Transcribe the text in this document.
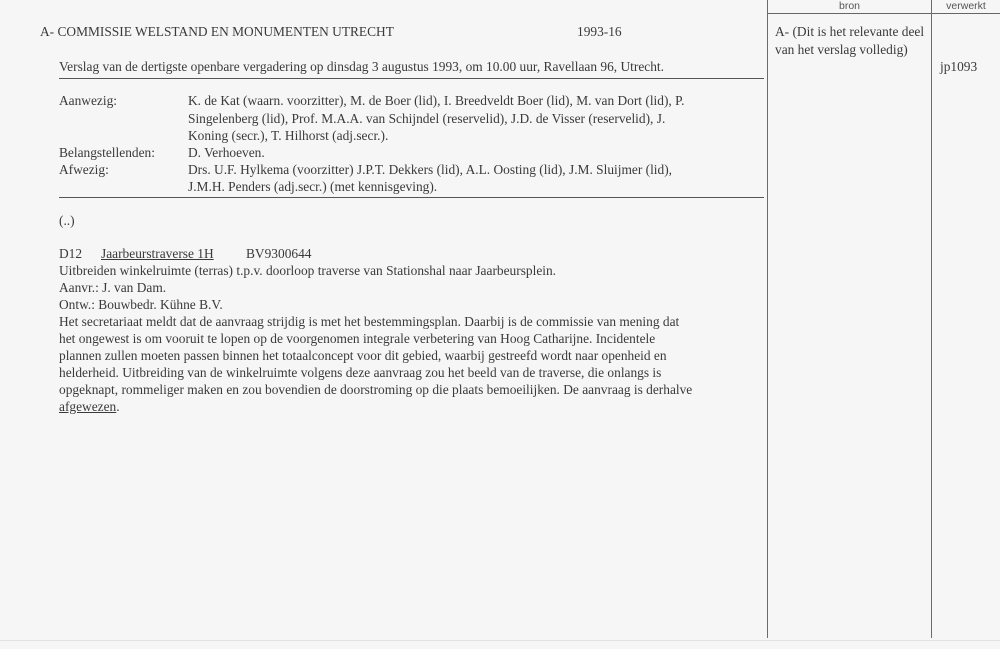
bron	verwerkt
A- (Dit is het relevante deel van het verslag volledig)
jp1093
A- COMMISSIE WELSTAND EN MONUMENTEN UTRECHT	1993-16
Verslag van de dertigste openbare vergadering op dinsdag 3 augustus 1993, om 10.00 uur, Ravellaan 96, Utrecht.
Aanwezig:	K. de Kat (waarn. voorzitter), M. de Boer (lid), I. Breedveldt Boer (lid), M. van Dort (lid), P.
Singelenberg (lid), Prof. M.A.A. van Schijndel (reservelid), J.D. de Visser (reservelid), J.
Koning (secr.), T. Hilhorst (adj.secr.).
Belangstellenden: D. Verhoeven.
Afwezig:	Drs. U.F. Hylkema (voorzitter) J.P.T. Dekkers (lid), A.L. Oosting (lid), J.M. Sluijmer (lid),
J.M.H. Penders (adj.secr.) (met kennisgeving).
(..)
D12 Jaarbeurstraverse 1H BV9300644
Uitbreiden winkelruimte (terras) t.p.v. doorloop traverse van Stationshal naar Jaarbeursplein.
Aanvr.: J. van Dam.
Ontw.: Bouwbedr. Kühne B.V.
Het secretariaat meldt dat de aanvraag strijdig is met het bestemmingsplan. Daarbij is de commissie van mening dat
het ongewest is om vooruit te lopen op de voorgenomen integrale verbetering van Hoog Catharijne. Incidentele
plannen zullen moeten passen binnen het totaalconcept voor dit gebied, waarbij gestreefd wordt naar openheid en
helderheid. Uitbreiding van de winkelruimte volgens deze aanvraag zou het beeld van de traverse, die onlangs is
opgeknapt, rommeliger maken en zou bovendien de doorstroming op die plaats bemoeilijken. De aanvraag is derhalve
afgewezen.
